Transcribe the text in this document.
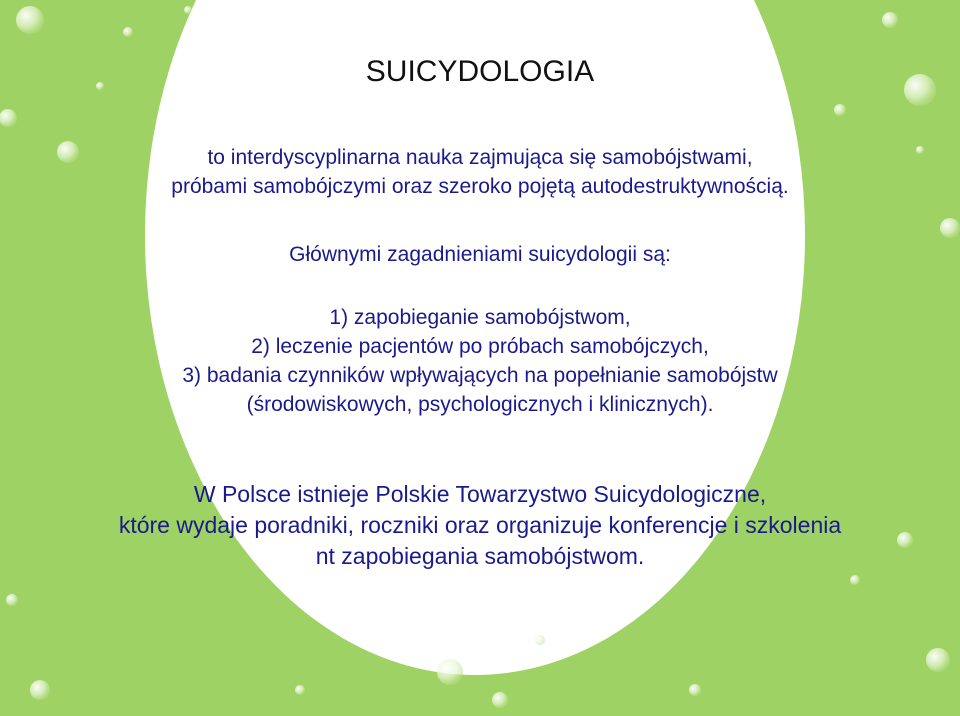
SUICYDOLOGIA
to interdyscyplinarna nauka zajmująca się samobójstwami,
próbami samobójczymi oraz szeroko pojętą autodestruktywnością.
Głównymi zagadnieniami suicydologii są:
1) zapobieganie samobójstwom,
2) leczenie pacjentów po próbach samobójczych,
3) badania czynników wpływających na popełnianie samobójstw
(środowiskowych, psychologicznych i klinicznych).
W Polsce istnieje Polskie Towarzystwo Suicydologiczne,
które wydaje poradniki, roczniki oraz organizuje konferencje i szkolenia
nt zapobiegania samobójstwom.
